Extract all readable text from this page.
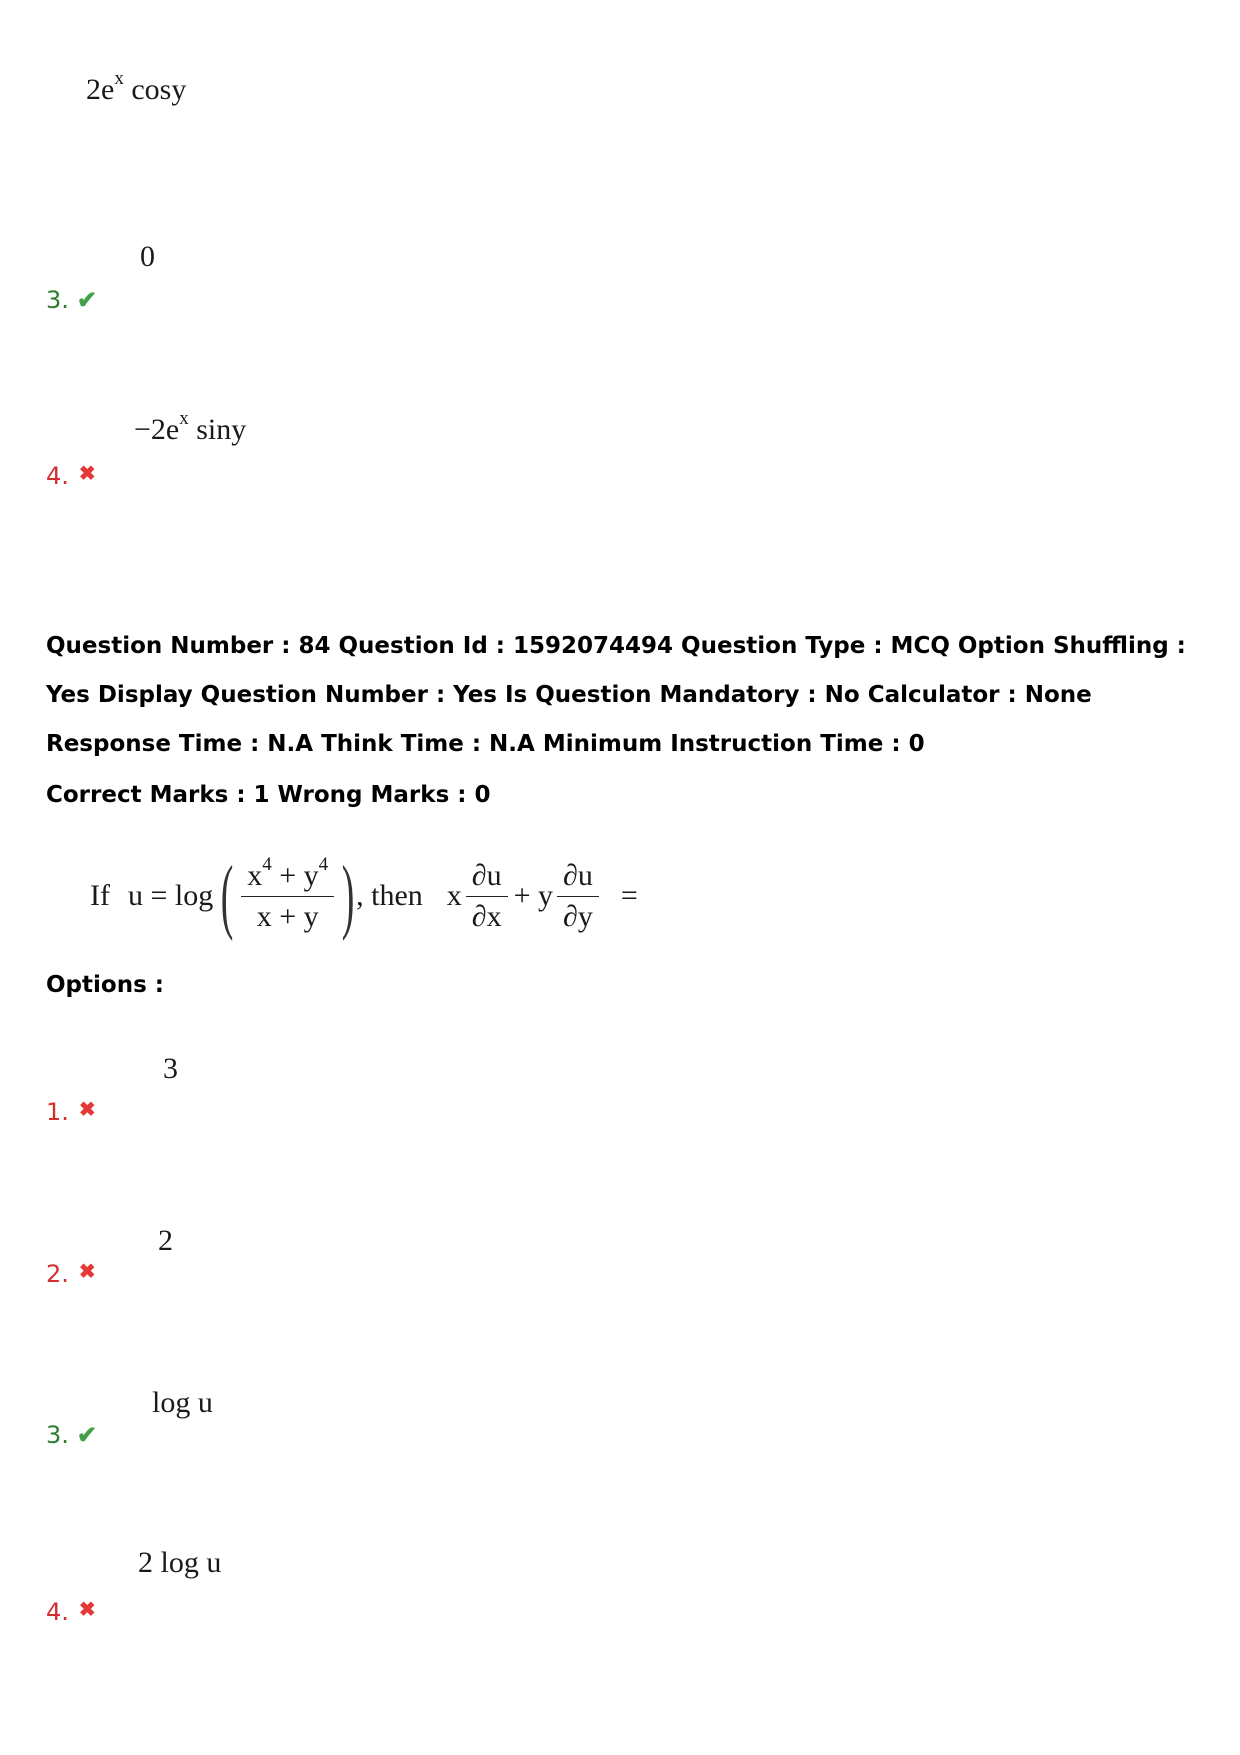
$2e^x$ cosy
0
3. ✔
$-2e^x$ siny
4. ✖
Question Number : 84 Question Id : 1592074494 Question Type : MCQ Option Shuffling : Yes Display Question Number : Yes Is Question Mandatory : No Calculator : None Response Time : N.A Think Time : N.A Minimum Instruction Time : 0
Correct Marks : 1 Wrong Marks : 0
If u = log ( $\frac{x^4 + y^4}{x + y}$ ) , then x $\frac{\partial u}{\partial x} + y \frac{\partial u}{\partial y}$ =
Options :
3
1. ✖
2
2. ✖
log u
3. ✔
2 log u
4. ✖
